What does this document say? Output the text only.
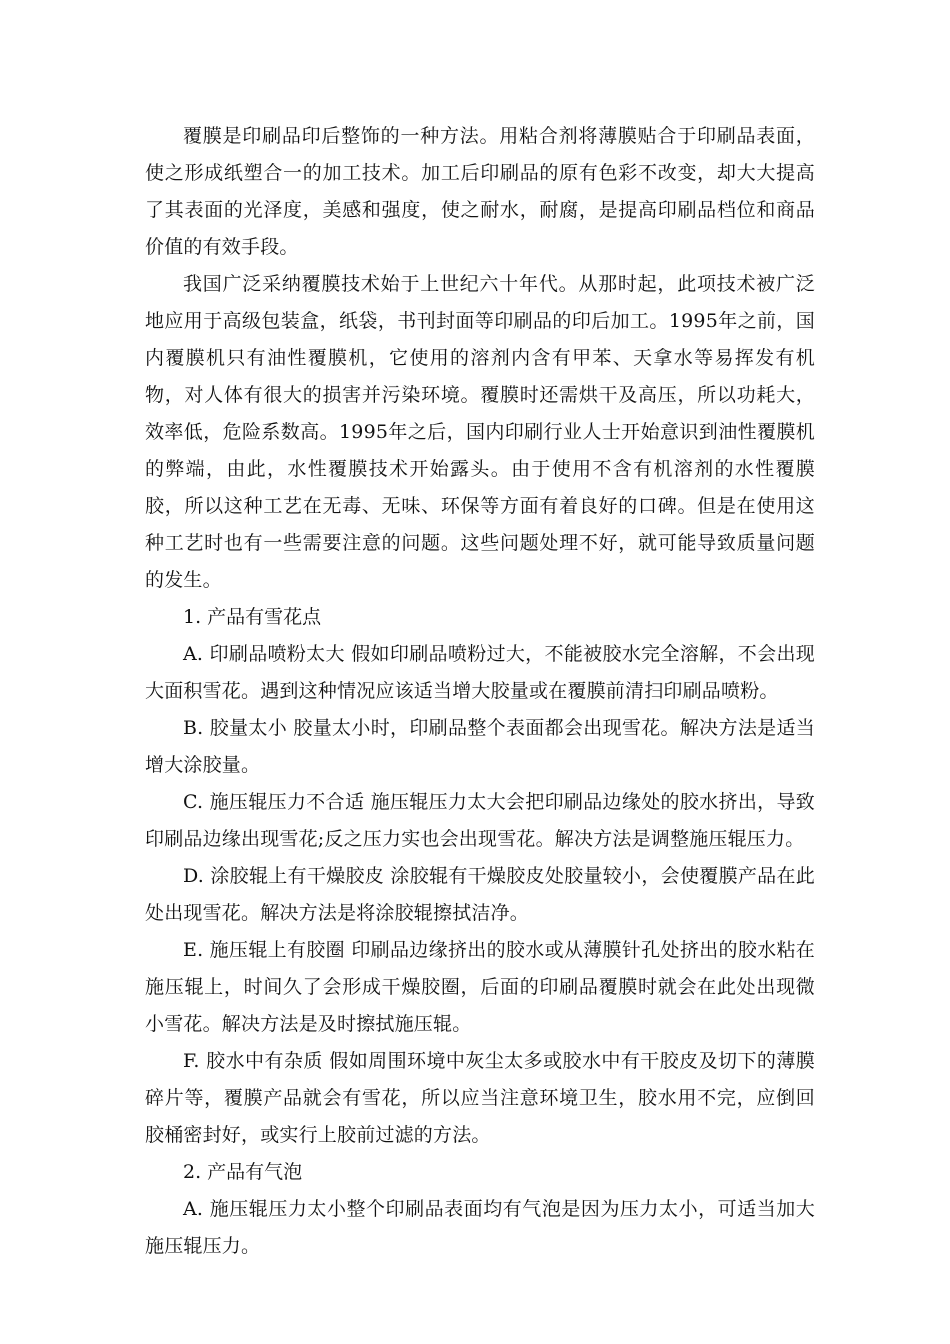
覆膜是印刷品印后整饰的一种方法。用粘合剂将薄膜贴合于印刷品表面，使之形成纸塑合一的加工技术。加工后印刷品的原有色彩不改变，却大大提高了其表面的光泽度，美感和强度，使之耐水，耐腐，是提高印刷品档位和商品价值的有效手段。

我国广泛采纳覆膜技术始于上世纪六十年代。从那时起，此项技术被广泛地应用于高级包装盒，纸袋，书刊封面等印刷品的印后加工。1995年之前，国内覆膜机只有油性覆膜机，它使用的溶剂内含有甲苯、天拿水等易挥发有机物，对人体有很大的损害并污染环境。覆膜时还需烘干及高压，所以功耗大，效率低，危险系数高。1995年之后，国内印刷行业人士开始意识到油性覆膜机的弊端，由此，水性覆膜技术开始露头。由于使用不含有机溶剂的水性覆膜胶，所以这种工艺在无毒、无味、环保等方面有着良好的口碑。但是在使用这种工艺时也有一些需要注意的问题。这些问题处理不好，就可能导致质量问题的发生。

1. 产品有雪花点

A. 印刷品喷粉太大 假如印刷品喷粉过大，不能被胶水完全溶解，不会出现大面积雪花。遇到这种情况应该适当增大胶量或在覆膜前清扫印刷品喷粉。

B. 胶量太小 胶量太小时，印刷品整个表面都会出现雪花。解决方法是适当增大涂胶量。

C. 施压辊压力不合适 施压辊压力太大会把印刷品边缘处的胶水挤出，导致印刷品边缘出现雪花;反之压力实也会出现雪花。解决方法是调整施压辊压力。

D. 涂胶辊上有干燥胶皮 涂胶辊有干燥胶皮处胶量较小，会使覆膜产品在此处出现雪花。解决方法是将涂胶辊擦拭洁净。

E. 施压辊上有胶圈 印刷品边缘挤出的胶水或从薄膜针孔处挤出的胶水粘在施压辊上，时间久了会形成干燥胶圈，后面的印刷品覆膜时就会在此处出现微小雪花。解决方法是及时擦拭施压辊。

F. 胶水中有杂质 假如周围环境中灰尘太多或胶水中有干胶皮及切下的薄膜碎片等，覆膜产品就会有雪花，所以应当注意环境卫生，胶水用不完，应倒回胶桶密封好，或实行上胶前过滤的方法。

2. 产品有气泡

A. 施压辊压力太小整个印刷品表面均有气泡是因为压力太小，可适当加大施压辊压力。
